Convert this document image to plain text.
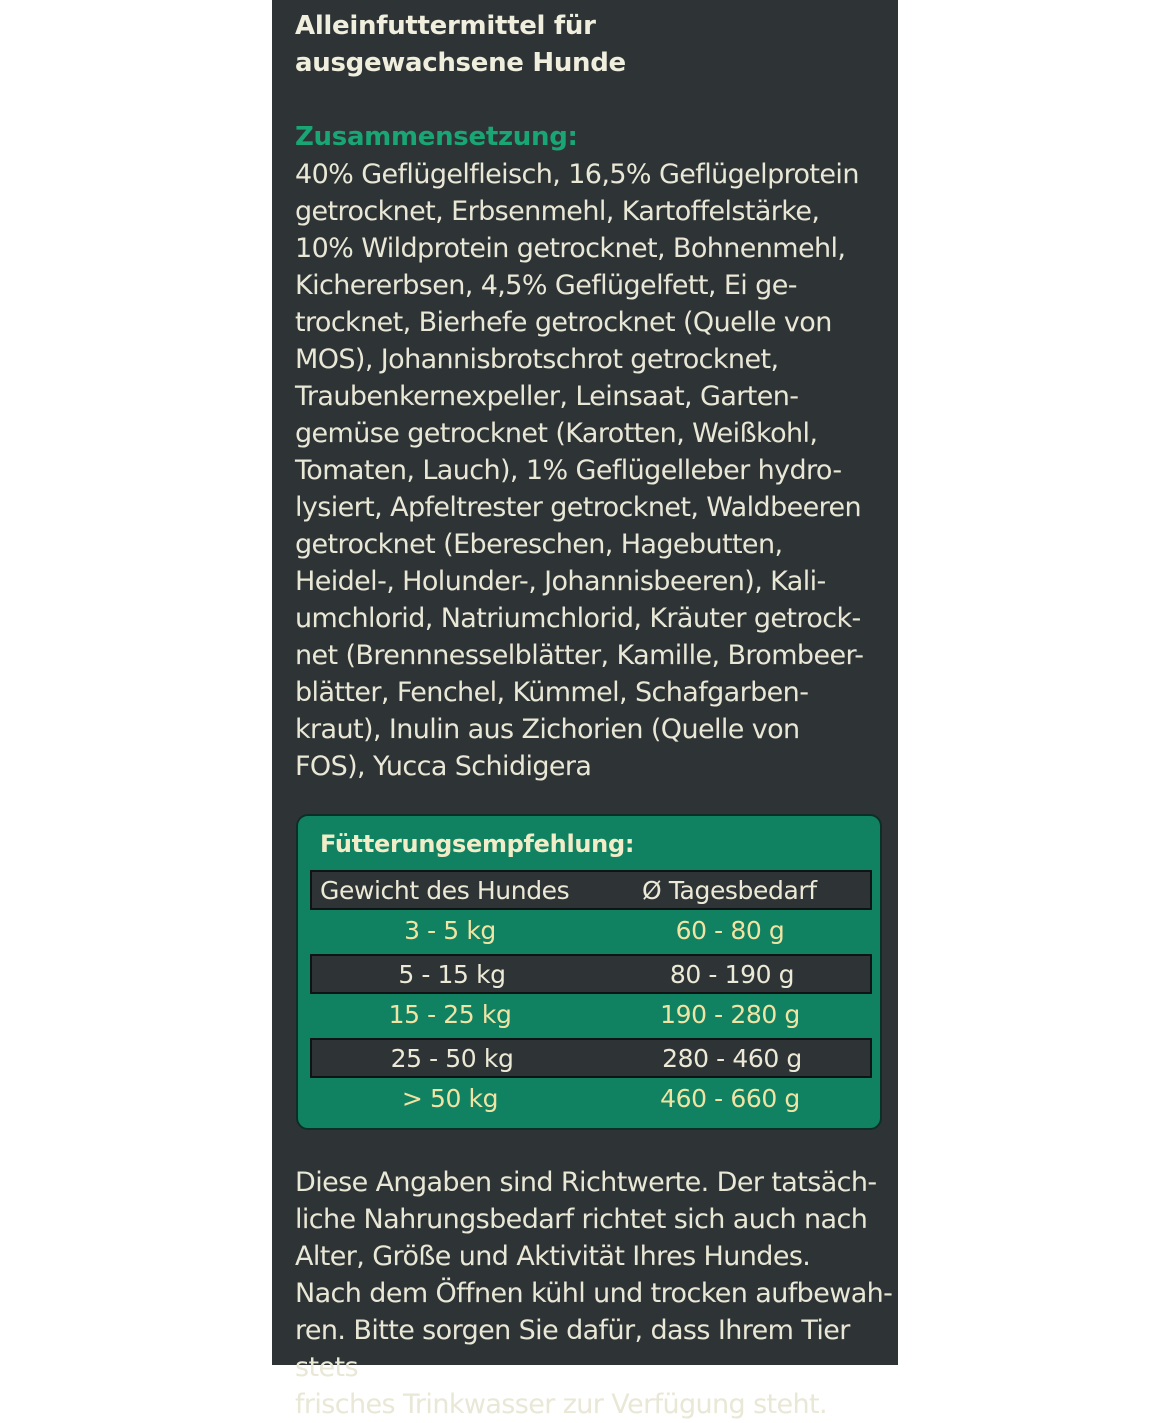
Alleinfuttermittel für
ausgewachsene Hunde
Zusammensetzung:
40% Geflügelfleisch, 16,5% Geflügelprotein
getrocknet, Erbsenmehl, Kartoffelstärke,
10% Wildprotein getrocknet, Bohnenmehl,
Kichererbsen, 4,5% Geflügelfett, Ei ge-
trocknet, Bierhefe getrocknet (Quelle von
MOS), Johannisbrotschrot getrocknet,
Traubenkernexpeller, Leinsaat, Garten-
gemüse getrocknet (Karotten, Weißkohl,
Tomaten, Lauch), 1% Geflügelleber hydro-
lysiert, Apfeltrester getrocknet, Waldbeeren
getrocknet (Ebereschen, Hagebutten,
Heidel-, Holunder-, Johannisbeeren), Kali-
umchlorid, Natriumchlorid, Kräuter getrock-
net (Brennnesselblätter, Kamille, Brombeer-
blätter, Fenchel, Kümmel, Schafgarben-
kraut), Inulin aus Zichorien (Quelle von
FOS), Yucca Schidigera
Fütterungsempfehlung:
Gewicht des Hundes	Ø Tagesbedarf
3 - 5 kg	60 - 80 g
5 - 15 kg	80 - 190 g
15 - 25 kg	190 - 280 g
25 - 50 kg	280 - 460 g
> 50 kg	460 - 660 g
Diese Angaben sind Richtwerte. Der tatsäch-
liche Nahrungsbedarf richtet sich auch nach
Alter, Größe und Aktivität Ihres Hundes.
Nach dem Öffnen kühl und trocken aufbewah-
ren. Bitte sorgen Sie dafür, dass Ihrem Tier stets
frisches Trinkwasser zur Verfügung steht.
